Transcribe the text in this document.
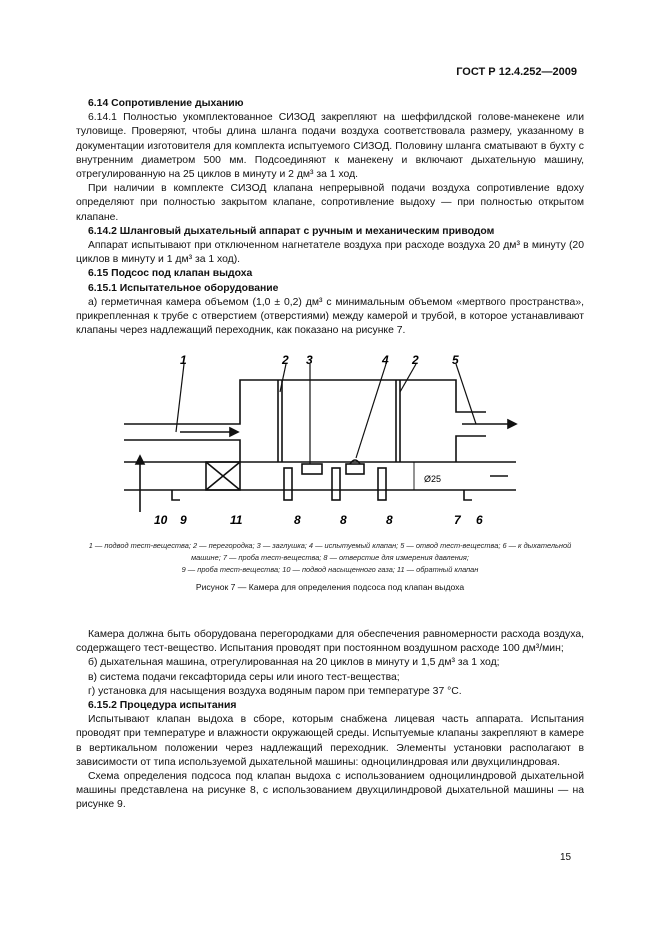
ГОСТ Р 12.4.252—2009

6.14 Сопротивление дыханию

6.14.1 Полностью укомплектованное СИЗОД закрепляют на шеффилдской голове-манекене или туловище. Проверяют, чтобы длина шланга подачи воздуха соответствовала размеру, указанному в документации изготовителя для комплекта испытуемого СИЗОД. Половину шланга сматывают в бухту с внутренним диаметром 500 мм. Подсоединяют к манекену и включают дыхательную машину, отрегулированную на 25 циклов в минуту и 2 дм³ за 1 ход.

При наличии в комплекте СИЗОД клапана непрерывной подачи воздуха сопротивление вдоху определяют при полностью закрытом клапане, сопротивление выдоху — при полностью открытом клапане.

6.14.2 Шланговый дыхательный аппарат с ручным и механическим приводом

Аппарат испытывают при отключенном нагнетателе воздуха при расходе воздуха 20 дм³ в минуту (20 циклов в минуту и 1 дм³ за 1 ход).

6.15 Подсос под клапан выдоха

6.15.1 Испытательное оборудование

а) герметичная камера объемом (1,0 ± 0,2) дм³ с минимальным объемом «мертвого пространства», прикрепленная к трубе с отверстием (отверстиями) между камерой и трубой, в которое устанавливают клапаны через надлежащий переходник, как показано на рисунке 7.

Ø25
1	2 3	4 2	5
10 9	11	8	8	8	7 6
1 — подвод тест-вещества; 2 — перегородка; 3 — заглушка; 4 — испытуемый клапан; 5 — отвод тест-вещества; 6 — к дыхательной машине; 7 — проба тест-вещества; 8 — отверстие для измерения давления;
9 — проба тест-вещества; 10 — подвод насыщенного газа; 11 — обратный клапан
Рисунок 7 — Камера для определения подсоса под клапан выдоха

Камера должна быть оборудована перегородками для обеспечения равномерности расхода воздуха, содержащего тест-вещество. Испытания проводят при постоянном воздушном расходе 100 дм³/мин;

б) дыхательная машина, отрегулированная на 20 циклов в минуту и 1,5 дм³ за 1 ход;

в) система подачи гексафторида серы или иного тест-вещества;

г) установка для насыщения воздуха водяным паром при температуре 37 °С.

6.15.2 Процедура испытания

Испытывают клапан выдоха в сборе, которым снабжена лицевая часть аппарата. Испытания проводят при температуре и влажности окружающей среды. Испытуемые клапаны закрепляют в камере в вертикальном положении через надлежащий переходник. Элементы установки располагают в зависимости от типа используемой дыхательной машины: одноцилиндровая или двухцилиндровая.

Схема определения подсоса под клапан выдоха с использованием одноцилиндровой дыхательной машины представлена на рисунке 8, с использованием двухцилиндровой дыхательной машины — на рисунке 9.

15
